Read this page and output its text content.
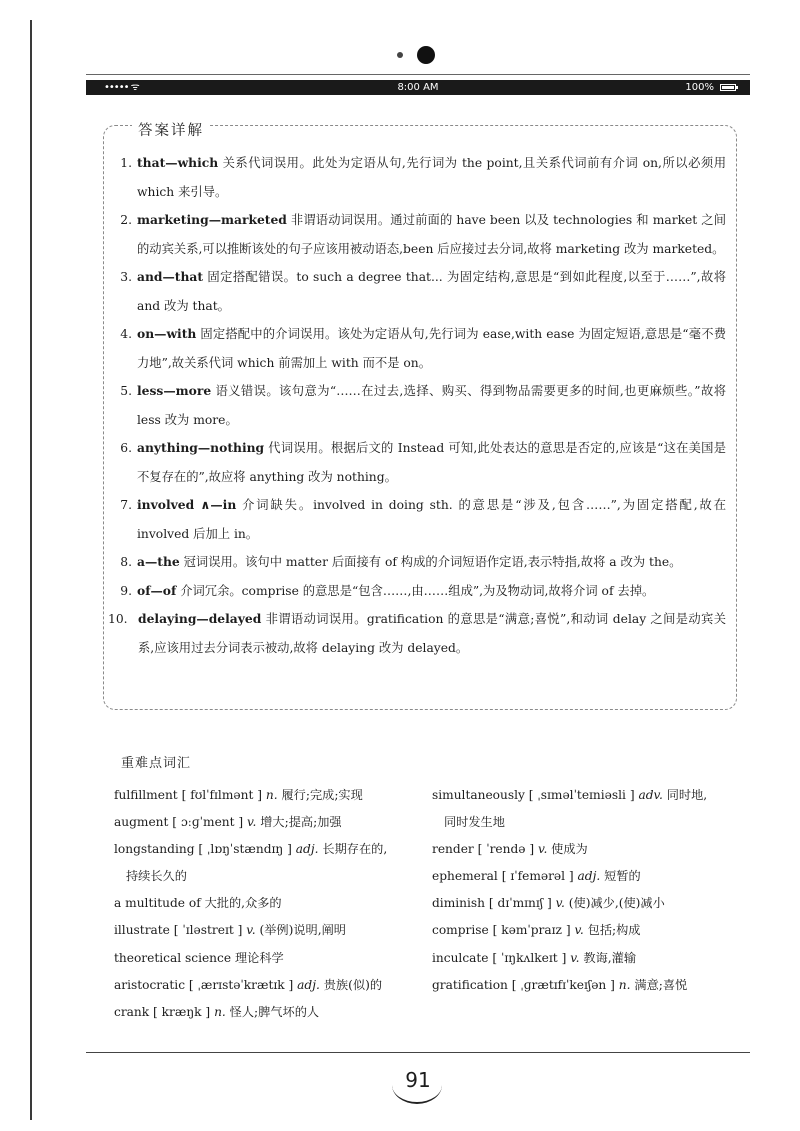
••••• ᯤ	8:00 AM	100%
答案详解
1. that—which 关系代词误用。此处为定语从句,先行词为 the point,且关系代词前有介词 on,所以必须用 which 来引导。
2. marketing—marketed 非谓语动词误用。通过前面的 have been 以及 technologies 和 market 之间的动宾关系,可以推断该处的句子应该用被动语态,been 后应接过去分词,故将 marketing 改为 marketed。
3. and—that 固定搭配错误。to such a degree that... 为固定结构,意思是“到如此程度,以至于……”,故将 and 改为 that。
4. on—with 固定搭配中的介词误用。该处为定语从句,先行词为 ease,with ease 为固定短语,意思是“毫不费力地”,故关系代词 which 前需加上 with 而不是 on。
5. less—more 语义错误。该句意为“……在过去,选择、购买、得到物品需要更多的时间,也更麻烦些。”故将 less 改为 more。
6. anything—nothing 代词误用。根据后文的 Instead 可知,此处表达的意思是否定的,应该是“这在美国是不复存在的”,故应将 anything 改为 nothing。
7. involved ∧—in 介词缺失。involved in doing sth. 的意思是“涉及,包含……”,为固定搭配,故在 involved 后加上 in。
8. a—the 冠词误用。该句中 matter 后面接有 of 构成的介词短语作定语,表示特指,故将 a 改为 the。
9. of—of 介词冗余。comprise 的意思是“包含……,由……组成”,为及物动词,故将介词 of 去掉。
10. delaying—delayed 非谓语动词误用。gratification 的意思是“满意;喜悦”,和动词 delay 之间是动宾关系,应该用过去分词表示被动,故将 delaying 改为 delayed。
重难点词汇
fulfillment [ fʊlˈfɪlmənt ] n. 履行;完成;实现
augment [ ɔːɡˈment ] v. 增大;提高;加强
longstanding [ ˌlɒŋˈstændɪŋ ] adj. 长期存在的,
持续长久的
a multitude of 大批的,众多的
illustrate [ ˈɪləstreɪt ] v. (举例)说明,阐明
theoretical science 理论科学
aristocratic [ ˌærɪstəˈkrætɪk ] adj. 贵族(似)的
crank [ kræŋk ] n. 怪人;脾气坏的人
simultaneously [ ˌsɪməlˈteɪniəsli ] adv. 同时地,
同时发生地
render [ ˈrendə ] v. 使成为
ephemeral [ ɪˈfemərəl ] adj. 短暂的
diminish [ dɪˈmɪnɪʃ ] v. (使)减少,(使)减小
comprise [ kəmˈpraɪz ] v. 包括;构成
inculcate [ ˈɪŋkʌlkeɪt ] v. 教诲,灌输
gratification [ ˌɡrætɪfɪˈkeɪʃən ] n. 满意;喜悦
91
